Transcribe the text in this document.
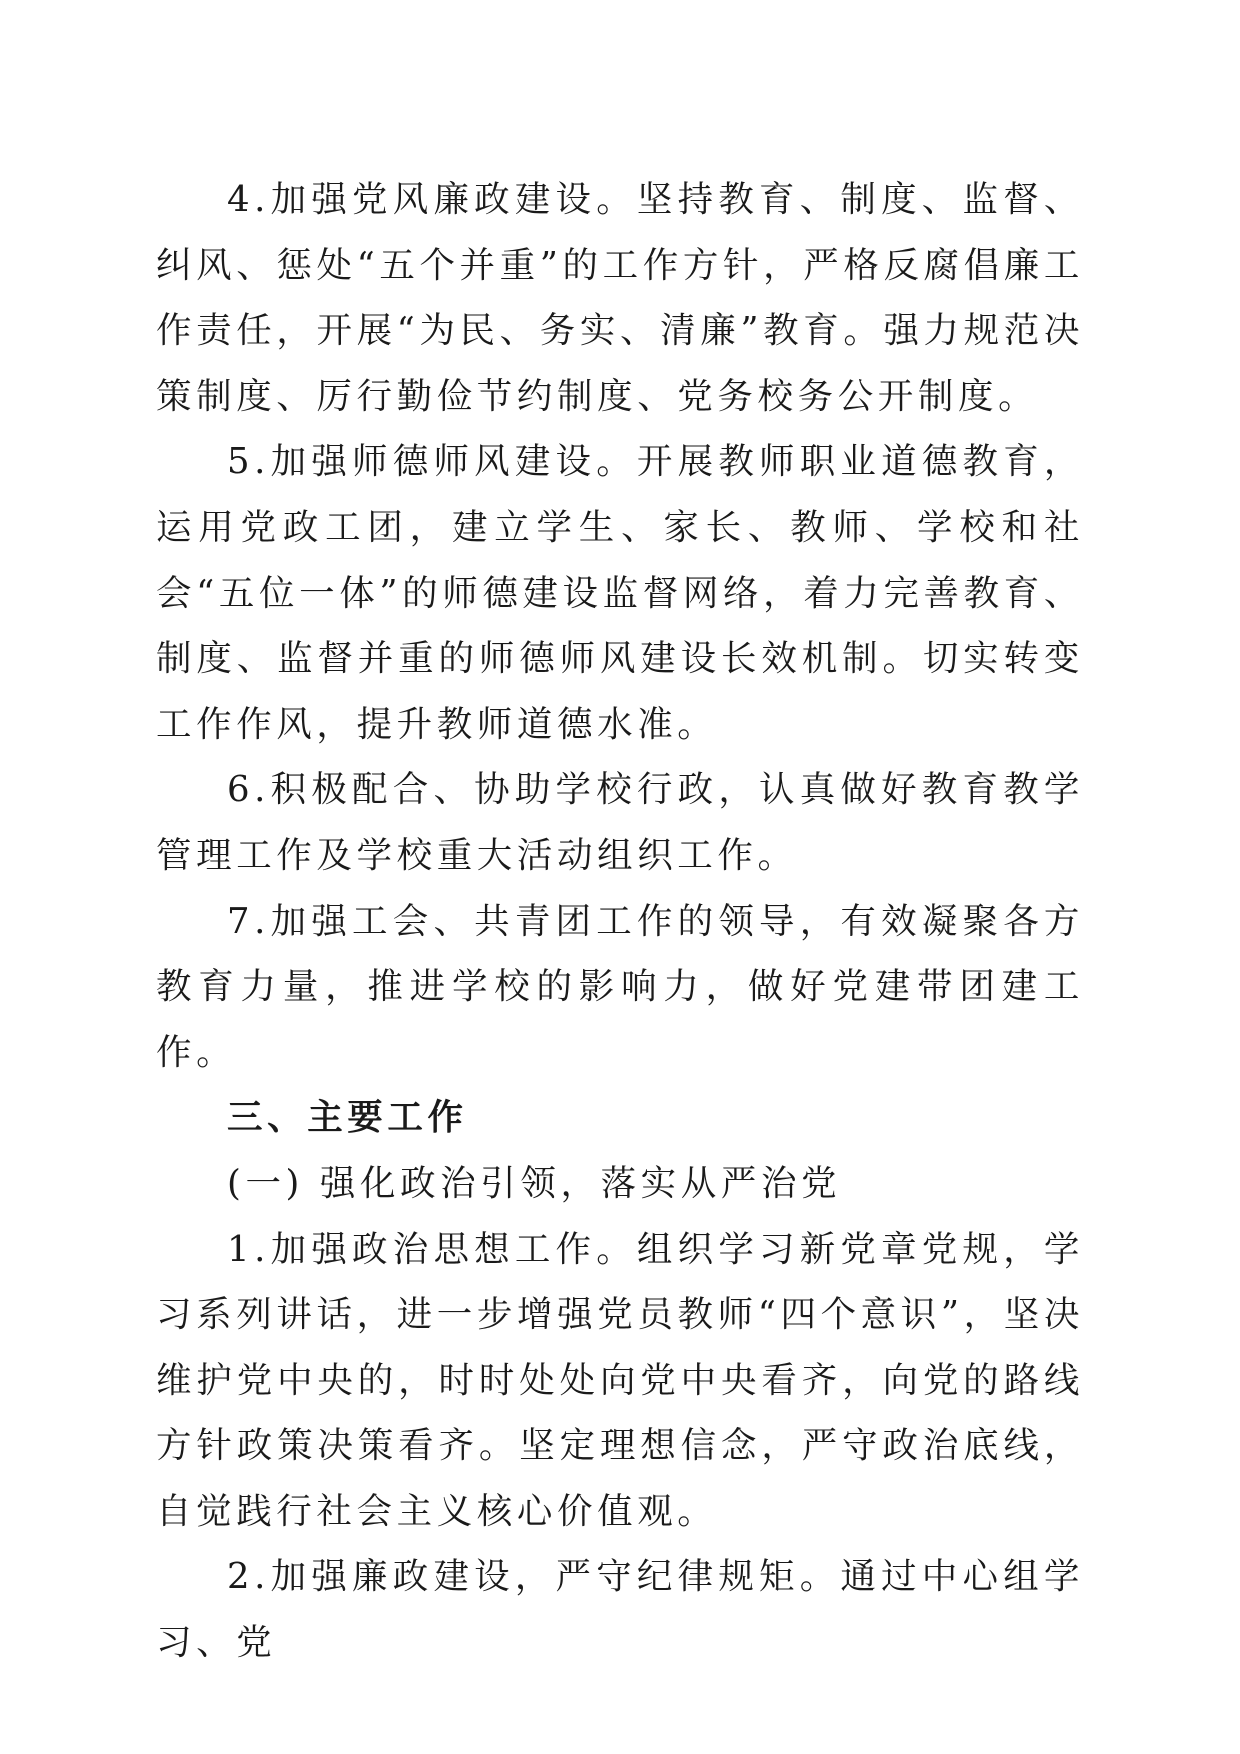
4.加强党风廉政建设。坚持教育、制度、监督、纠风、惩处“五个并重”的工作方针，严格反腐倡廉工作责任，开展“为民、务实、清廉”教育。强力规范决策制度、厉行勤俭节约制度、党务校务公开制度。

5.加强师德师风建设。开展教师职业道德教育，运用党政工团，建立学生、家长、教师、学校和社会“五位一体”的师德建设监督网络，着力完善教育、制度、监督并重的师德师风建设长效机制。切实转变工作作风，提升教师道德水准。

6.积极配合、协助学校行政，认真做好教育教学管理工作及学校重大活动组织工作。

7.加强工会、共青团工作的领导，有效凝聚各方教育力量，推进学校的影响力，做好党建带团建工作。

三、主要工作

(一) 强化政治引领，落实从严治党

1.加强政治思想工作。组织学习新党章党规，学习系列讲话，进一步增强党员教师“四个意识”，坚决维护党中央的，时时处处向党中央看齐，向党的路线方针政策决策看齐。坚定理想信念，严守政治底线，自觉践行社会主义核心价值观。

2.加强廉政建设，严守纪律规矩。通过中心组学习、党
